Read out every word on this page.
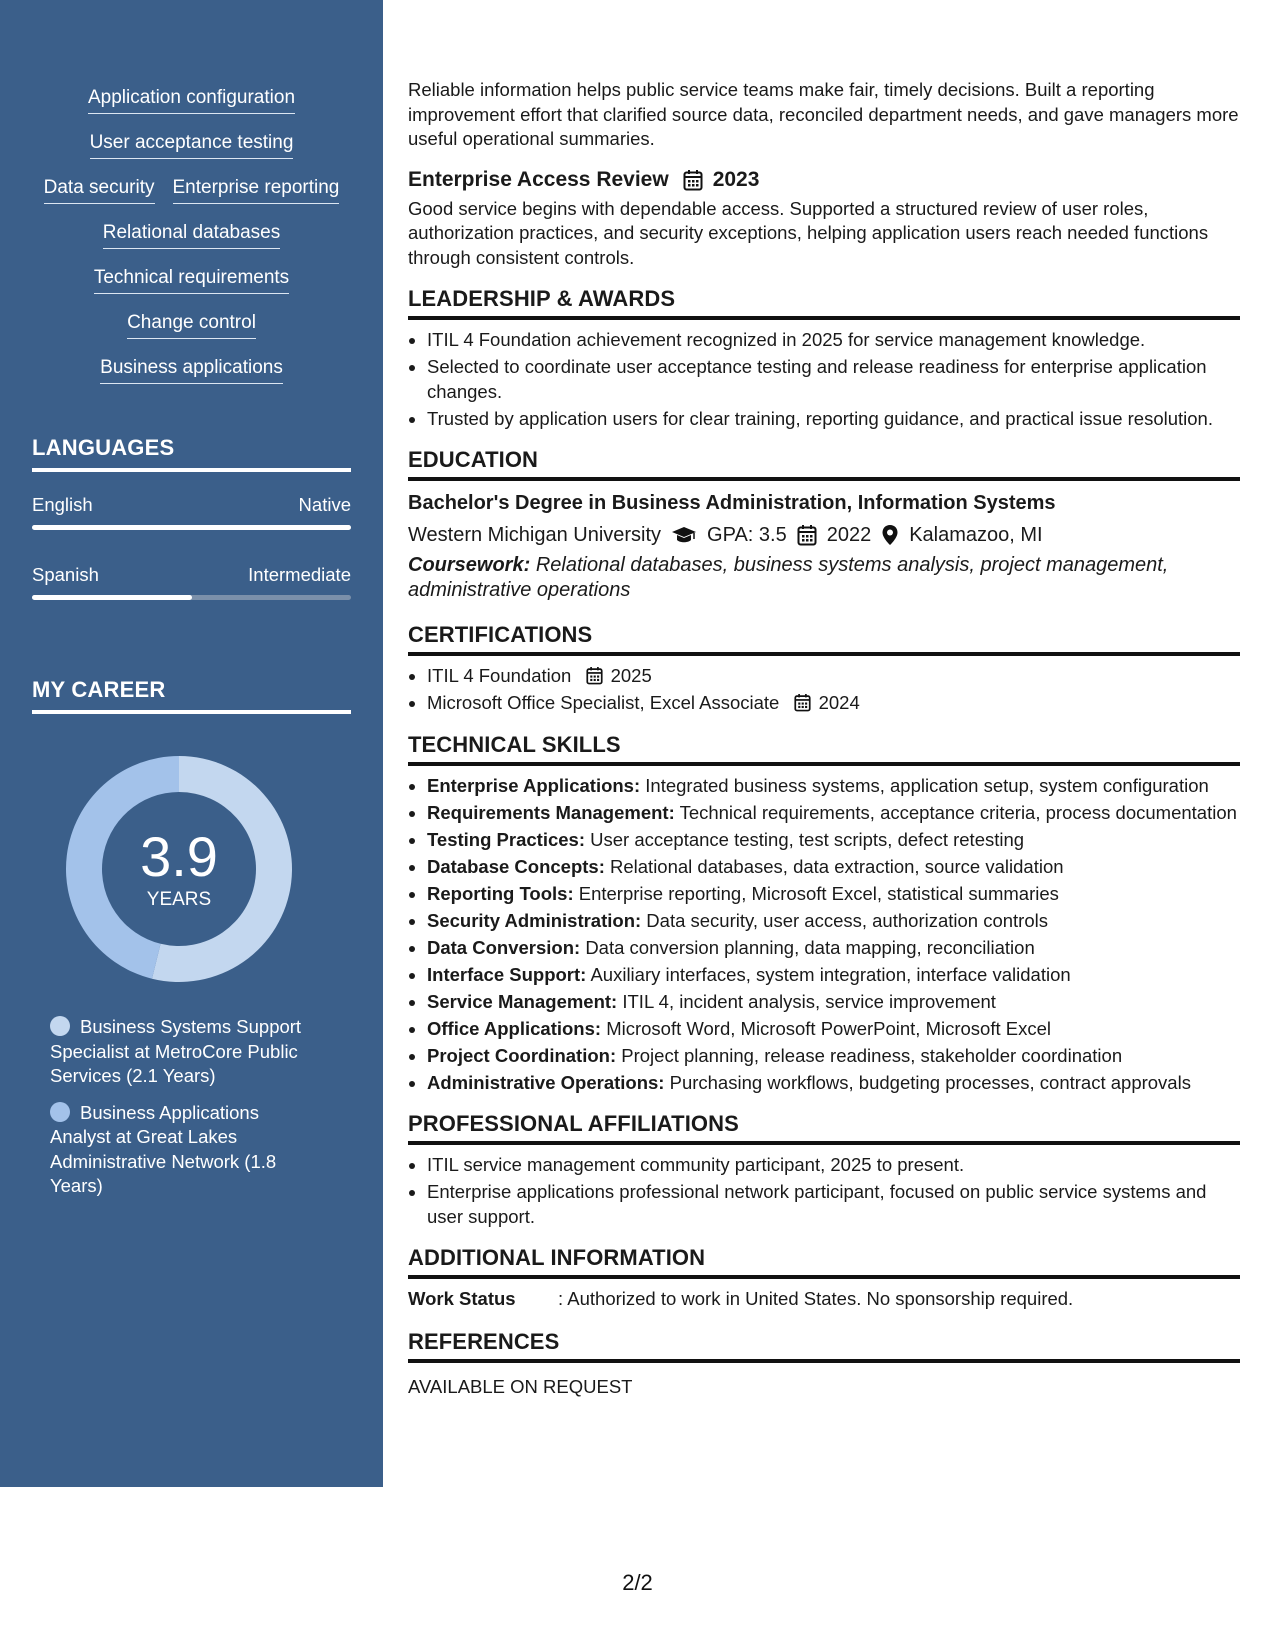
Application configuration
User acceptance testing
Data security Enterprise reporting
Relational databases
Technical requirements
Change control
Business applications
LANGUAGES
English	Native
Spanish	Intermediate
MY CAREER
3.9
YEARS
Business Systems Support Specialist at MetroCore Public Services (2.1 Years)
Business Applications Analyst at Great Lakes Administrative Network (1.8 Years)

Reliable information helps public service teams make fair, timely decisions. Built a reporting improvement effort that clarified source data, reconciled department needs, and gave managers more useful operational summaries.

Enterprise Access Review 2023

Good service begins with dependable access. Supported a structured review of user roles, authorization practices, and security exceptions, helping application users reach needed functions through consistent controls.

LEADERSHIP & AWARDS
• ITIL 4 Foundation achievement recognized in 2025 for service management knowledge.
• Selected to coordinate user acceptance testing and release readiness for enterprise application changes.
• Trusted by application users for clear training, reporting guidance, and practical issue resolution.
EDUCATION
Bachelor's Degree in Business Administration, Information Systems
Western Michigan University GPA: 3.5 2022 Kalamazoo, MI
Coursework: Relational databases, business systems analysis, project management, administrative operations
CERTIFICATIONS
• ITIL 4 Foundation 2025
• Microsoft Office Specialist, Excel Associate 2024
TECHNICAL SKILLS
• Enterprise Applications: Integrated business systems, application setup, system configuration
• Requirements Management: Technical requirements, acceptance criteria, process documentation
• Testing Practices: User acceptance testing, test scripts, defect retesting
• Database Concepts: Relational databases, data extraction, source validation
• Reporting Tools: Enterprise reporting, Microsoft Excel, statistical summaries
• Security Administration: Data security, user access, authorization controls
• Data Conversion: Data conversion planning, data mapping, reconciliation
• Interface Support: Auxiliary interfaces, system integration, interface validation
• Service Management: ITIL 4, incident analysis, service improvement
• Office Applications: Microsoft Word, Microsoft PowerPoint, Microsoft Excel
• Project Coordination: Project planning, release readiness, stakeholder coordination
• Administrative Operations: Purchasing workflows, budgeting processes, contract approvals
PROFESSIONAL AFFILIATIONS
• ITIL service management community participant, 2025 to present.
• Enterprise applications professional network participant, focused on public service systems and user support.
ADDITIONAL INFORMATION
Work Status	: Authorized to work in United States. No sponsorship required.
REFERENCES
AVAILABLE ON REQUEST
2/2
